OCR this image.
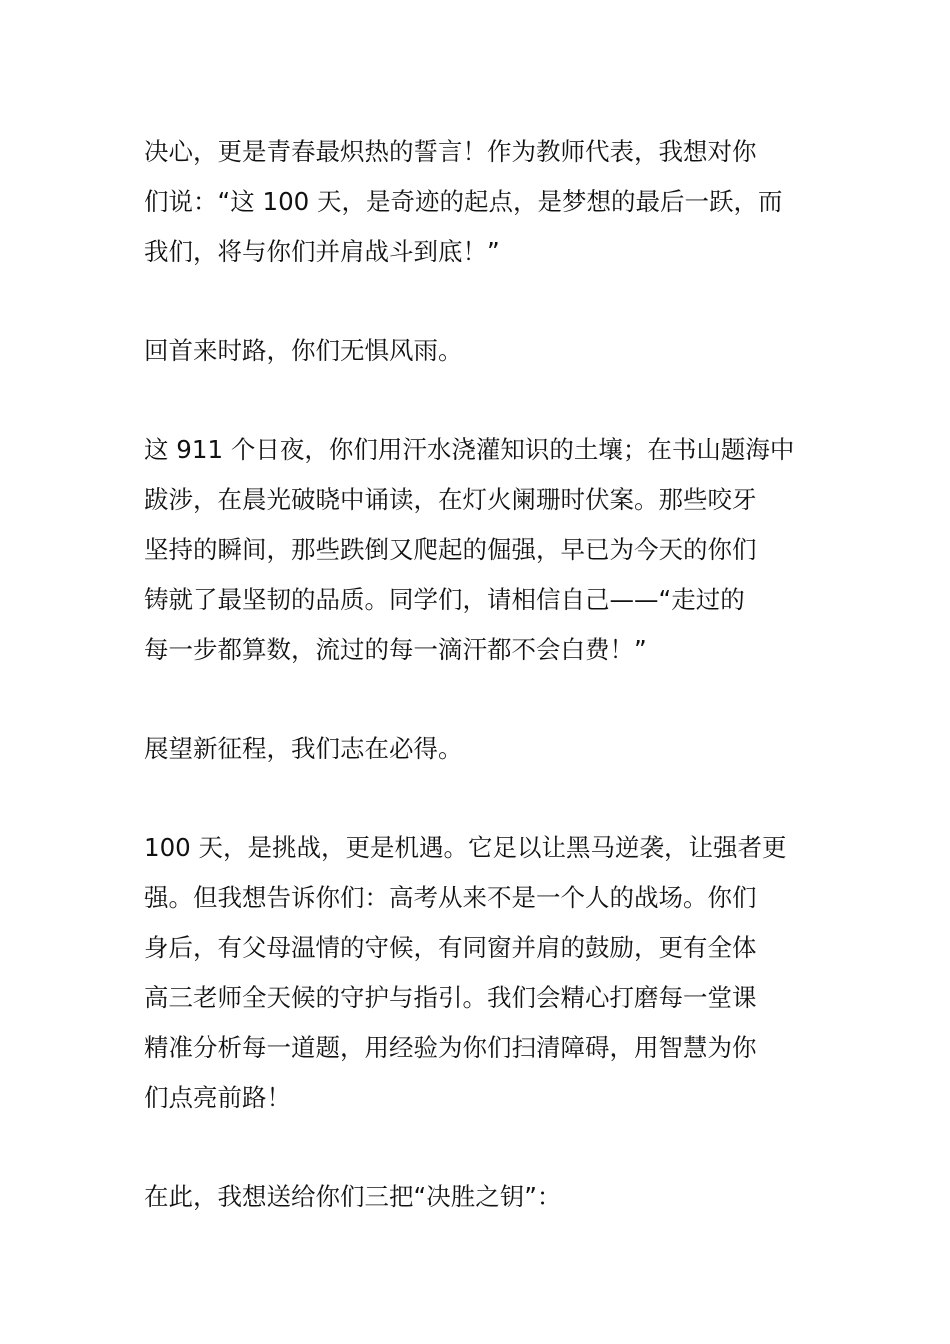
决心，更是青春最炽热的誓言！作为教师代表，我想对你
们说：“这 100 天，是奇迹的起点，是梦想的最后一跃，而
我们，将与你们并肩战斗到底！”

回首来时路，你们无惧风雨。

这 911 个日夜，你们用汗水浇灌知识的土壤；在书山题海中
跋涉，在晨光破晓中诵读，在灯火阑珊时伏案。那些咬牙
坚持的瞬间，那些跌倒又爬起的倔强，早已为今天的你们
铸就了最坚韧的品质。同学们，请相信自己——“走过的
每一步都算数，流过的每一滴汗都不会白费！”

展望新征程，我们志在必得。

100 天，是挑战，更是机遇。它足以让黑马逆袭，让强者更
强。但我想告诉你们：高考从来不是一个人的战场。你们
身后，有父母温情的守候，有同窗并肩的鼓励，更有全体
高三老师全天候的守护与指引。我们会精心打磨每一堂课
精准分析每一道题，用经验为你们扫清障碍，用智慧为你
们点亮前路！

在此，我想送给你们三把“决胜之钥”：
